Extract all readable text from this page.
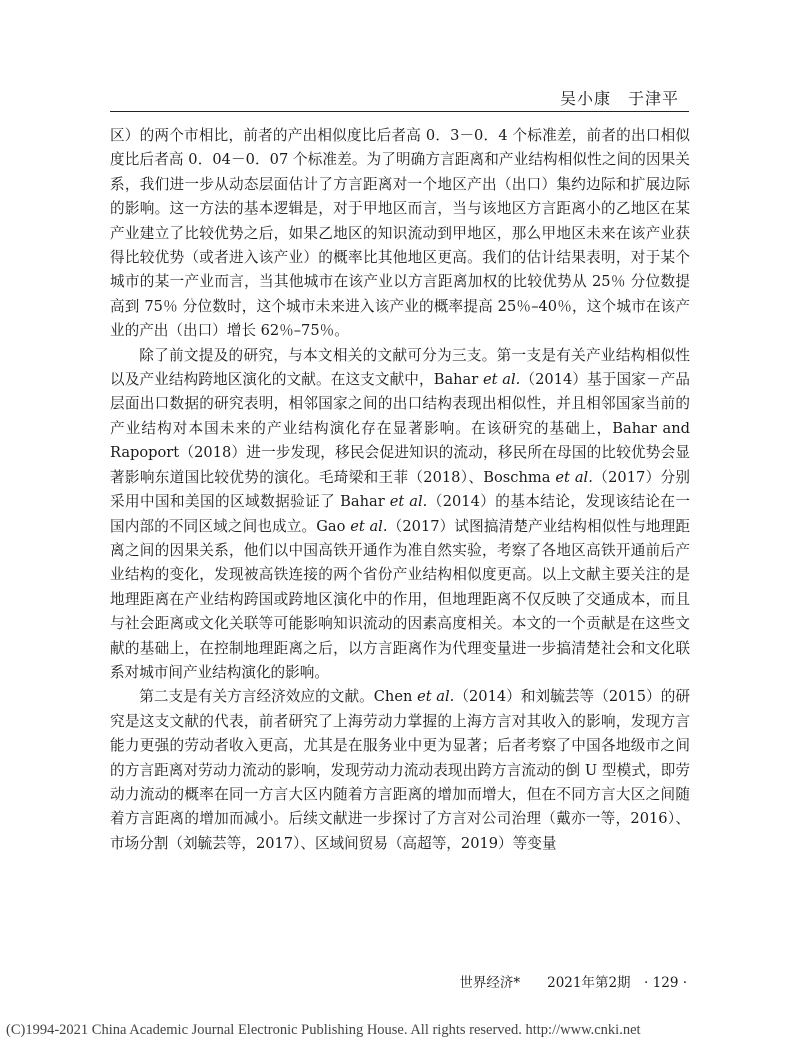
吴小康　于津平

区）的两个市相比，前者的产出相似度比后者高 0．3－0．4 个标准差，前者的出口相似度比后者高 0．04－0．07 个标准差。为了明确方言距离和产业结构相似性之间的因果关系，我们进一步从动态层面估计了方言距离对一个地区产出（出口）集约边际和扩展边际的影响。这一方法的基本逻辑是，对于甲地区而言，当与该地区方言距离小的乙地区在某产业建立了比较优势之后，如果乙地区的知识流动到甲地区，那么甲地区未来在该产业获得比较优势（或者进入该产业）的概率比其他地区更高。我们的估计结果表明，对于某个城市的某一产业而言，当其他城市在该产业以方言距离加权的比较优势从 25％ 分位数提高到 75％ 分位数时，这个城市未来进入该产业的概率提高 25％–40％，这个城市在该产业的产出（出口）增长 62％–75％。

除了前文提及的研究，与本文相关的文献可分为三支。第一支是有关产业结构相似性以及产业结构跨地区演化的文献。在这支文献中，Bahar et al.（2014）基于国家－产品层面出口数据的研究表明，相邻国家之间的出口结构表现出相似性，并且相邻国家当前的产业结构对本国未来的产业结构演化存在显著影响。在该研究的基础上，Bahar and Rapoport（2018）进一步发现，移民会促进知识的流动，移民所在母国的比较优势会显著影响东道国比较优势的演化。毛琦梁和王菲（2018）、Boschma et al.（2017）分别采用中国和美国的区域数据验证了 Bahar et al.（2014）的基本结论，发现该结论在一国内部的不同区域之间也成立。Gao et al.（2017）试图搞清楚产业结构相似性与地理距离之间的因果关系，他们以中国高铁开通作为准自然实验，考察了各地区高铁开通前后产业结构的变化，发现被高铁连接的两个省份产业结构相似度更高。以上文献主要关注的是地理距离在产业结构跨国或跨地区演化中的作用，但地理距离不仅反映了交通成本，而且与社会距离或文化关联等可能影响知识流动的因素高度相关。本文的一个贡献是在这些文献的基础上，在控制地理距离之后，以方言距离作为代理变量进一步搞清楚社会和文化联系对城市间产业结构演化的影响。

第二支是有关方言经济效应的文献。Chen et al.（2014）和刘毓芸等（2015）的研究是这支文献的代表，前者研究了上海劳动力掌握的上海方言对其收入的影响，发现方言能力更强的劳动者收入更高，尤其是在服务业中更为显著；后者考察了中国各地级市之间的方言距离对劳动力流动的影响，发现劳动力流动表现出跨方言流动的倒 U 型模式，即劳动力流动的概率在同一方言大区内随着方言距离的增加而增大，但在不同方言大区之间随着方言距离的增加而减小。后续文献进一步探讨了方言对公司治理（戴亦一等，2016）、市场分割（刘毓芸等，2017）、区域间贸易（高超等，2019）等变量

世界经济*　　2021年第2期　· 129 ·
(C)1994-2021 China Academic Journal Electronic Publishing House. All rights reserved. http://www.cnki.net
